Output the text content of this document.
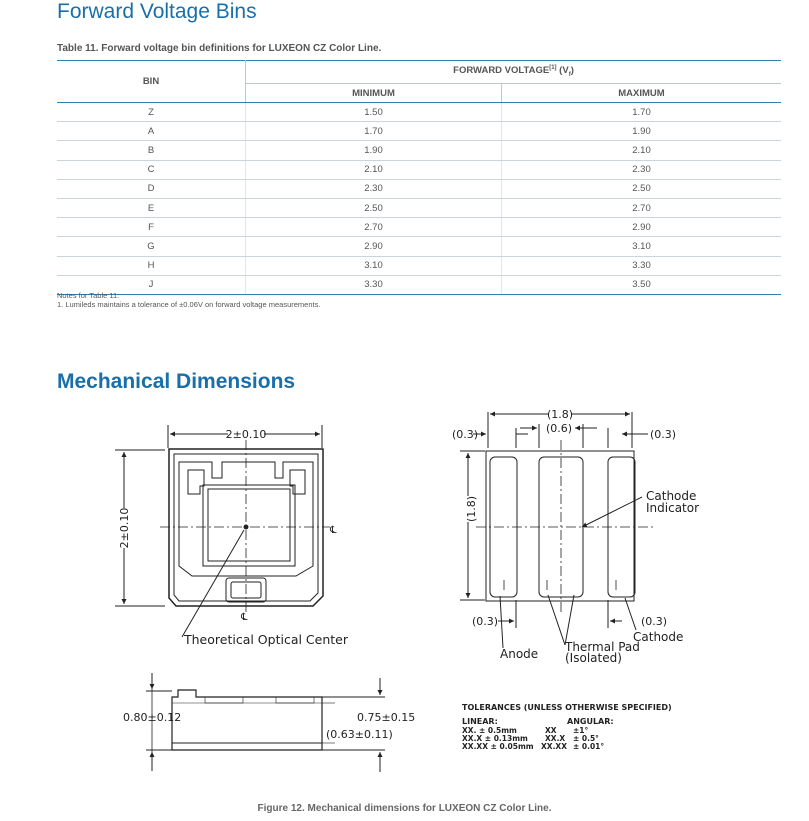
Forward Voltage Bins
Table 11. Forward voltage bin definitions for LUXEON CZ Color Line.
BIN	FORWARD VOLTAGE[1] $(V_f)$	
	MINIMUM	MAXIMUM
Z	1.50	1.70
A	1.70	1.90
B	1.90	2.10
C	2.10	2.30
D	2.30	2.50
E	2.50	2.70
F	2.70	2.90
G	2.90	3.10
H	3.10	3.30
J	3.30	3.50
Notes for Table 11:
1. Lumileds maintains a tolerance of ±0.06V on forward voltage measurements.
Mechanical Dimensions
2±0.10
2±0.10	℄
℄
Theoretical Optical Center
(1.8)
(0.6)
(0.3)	(0.3)
(1.8)	Cathode
Indicator
(0.3)	(0.3)
Cathode
Anode Thermal Pad
(Isolated)
0.80±0.12	0.75±0.15
(0.63±0.11)
TOLERANCES (UNLESS OTHERWISE SPECIFIED)
LINEAR:	ANGULAR:
XX. ± 0.5mm
XX.X ± 0.13mm
XX.XX ± 0.05mm
XX ±1°
XX.X ± 0.5°
XX.XX ± 0.01°
Figure 12. Mechanical dimensions for LUXEON CZ Color Line.
